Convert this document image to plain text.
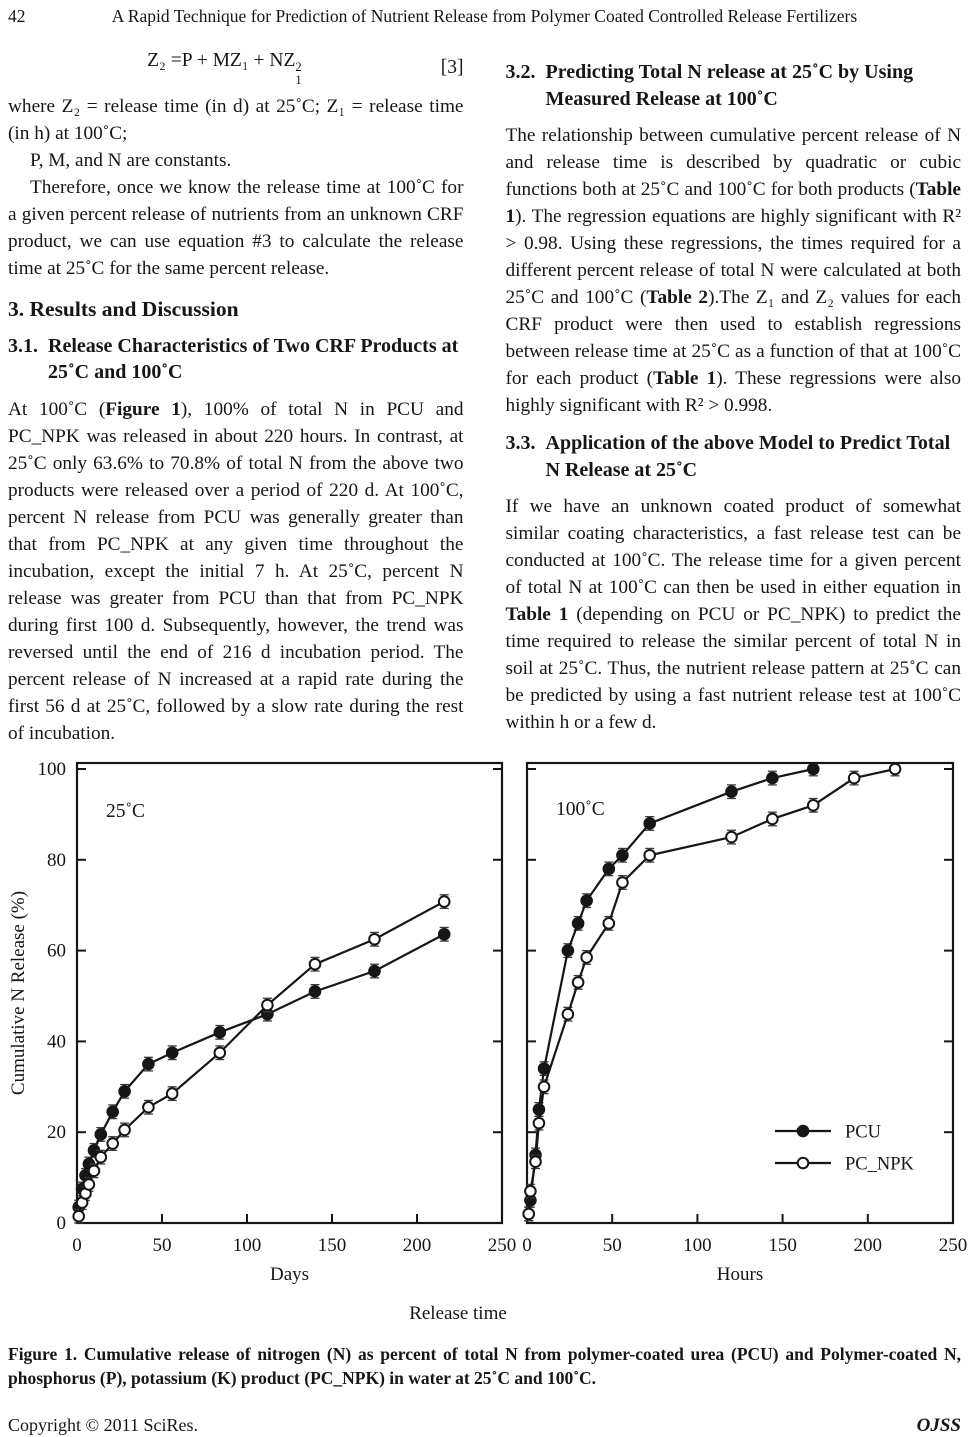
42	A Rapid Technique for Prediction of Nutrient Release from Polymer Coated Controlled Release Fertilizers
Z₂ =P + MZ₁ + NZ 2
1
[3]

where Z₂ = release time (in d) at 25˚C; Z₁ = release time (in h) at 100˚C;

P, M, and N are constants.

Therefore, once we know the release time at 100˚C for a given percent release of nutrients from an unknown CRF product, we can use equation #3 to calculate the release time at 25˚C for the same percent release.

3. Results and Discussion
3.1. Release Characteristics of Two CRF Products at 25˚C and 100˚C

At 100˚C (Figure 1), 100% of total N in PCU and PC_NPK was released in about 220 hours. In contrast, at 25˚C only 63.6% to 70.8% of total N from the above two products were released over a period of 220 d. At 100˚C, percent N release from PCU was generally greater than that from PC_NPK at any given time throughout the incubation, except the initial 7 h. At 25˚C, percent N release was greater from PCU than that from PC_NPK during first 100 d. Subsequently, however, the trend was reversed until the end of 216 d incubation period. The percent release of N increased at a rapid rate during the first 56 d at 25˚C, followed by a slow rate during the rest of incubation.

3.2. Predicting Total N release at 25˚C by Using Measured Release at 100˚C

The relationship between cumulative percent release of N and release time is described by quadratic or cubic functions both at 25˚C and 100˚C for both products (Table 1). The regression equations are highly significant with R² > 0.98. Using these regressions, the times required for a different percent release of total N were calculated at both 25˚C and 100˚C (Table 2).The Z₁ and Z₂ values for each CRF product were then used to establish regressions between release time at 25˚C as a function of that at 100˚C for each product (Table 1). These regressions were also highly significant with R² > 0.998.

3.3. Application of the above Model to Predict Total N Release at 25˚C

If we have an unknown coated product of somewhat similar coating characteristics, a fast release test can be conducted at 100˚C. The release time for a given percent of total N at 100˚C can then be used in either equation in Table 1 (depending on PCU or PC_NPK) to predict the time required to release the similar percent of total N in soil at 25˚C. Thus, the nutrient release pattern at 25˚C can be predicted by using a fast nutrient release test at 100˚C within h or a few d.

0
20
40
60
80
100
0	50	100	150	200	250
Days
Cumulative N Release (%)
25˚C
0	50	100	150	200	250
Hours
100˚C
PCU
PC_NPK
Release time
Figure 1. Cumulative release of nitrogen (N) as percent of total N from polymer-coated urea (PCU) and Polymer-coated N, phosphorus (P), potassium (K) product (PC_NPK) in water at 25˚C and 100˚C.
Copyright © 2011 SciRes.	OJSS
